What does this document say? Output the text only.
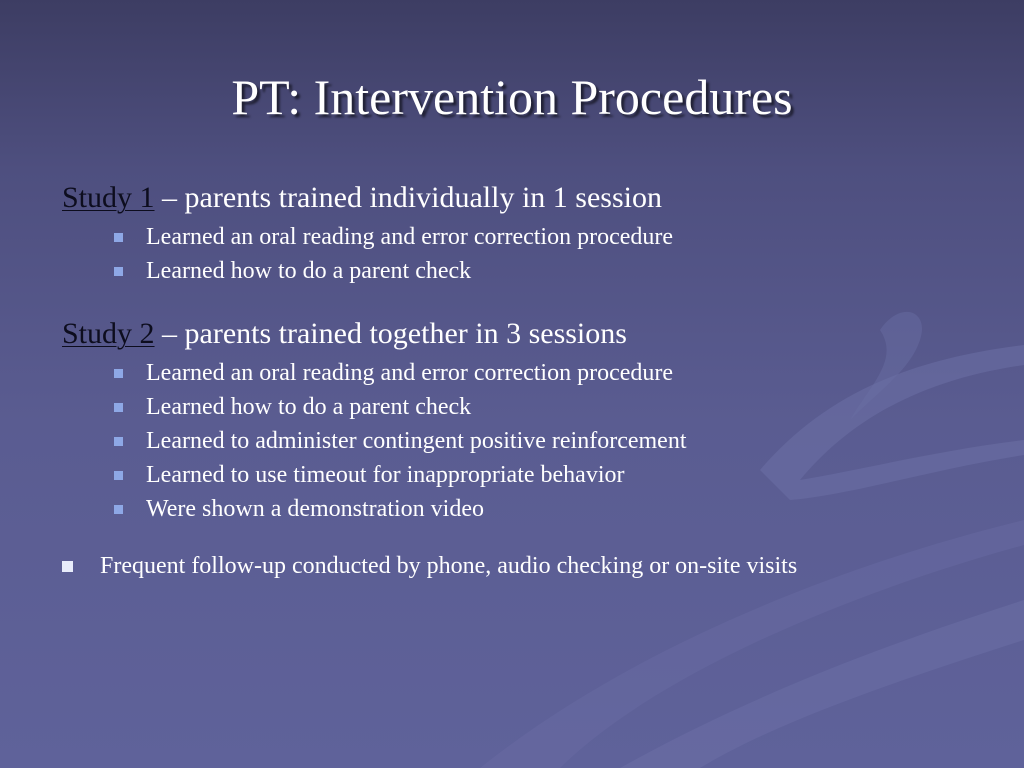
PT: Intervention Procedures

Study 1 – parents trained individually in 1 session

Learned an oral reading and error correction procedure
Learned how to do a parent check

Study 2 – parents trained together in 3 sessions

Learned an oral reading and error correction procedure
Learned how to do a parent check
Learned to administer contingent positive reinforcement
Learned to use timeout for inappropriate behavior
Were shown a demonstration video
Frequent follow-up conducted by phone, audio checking or on-site visits
